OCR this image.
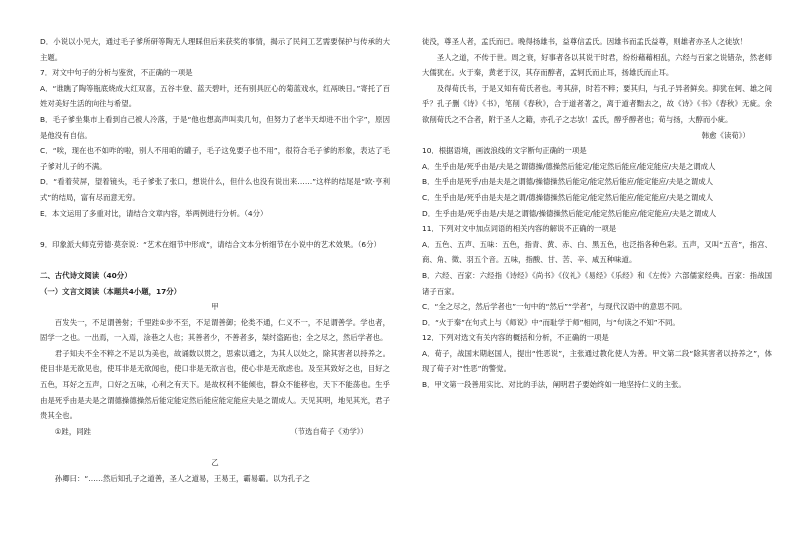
D．小说以小见大，通过毛子爹所研等陶无人理睬但后来获奖的事情，揭示了民间工艺需要保护与传承的大主题。

7．对文中句子的分析与鉴赏，不正确的一项是

A．“谁瞧了陶等瓶底烧成大红双喜，五谷丰登、蓝天碧叶，还有别具匠心的菊蓝戏水，红鬲映日。”寄托了百姓对美好生活的向往与希望。

B．毛子爹坐集市上看到自己被人冷落，于是“他也想高声叫卖几句，但努力了老半天却进不出个字”，原因是他没有自信。

C．“唉，现在也不如咋的啦，别人不用咱的罐子，毛子这免要子也不用”，很符合毛子爹的形象，表达了毛子爹对儿子的不满。

D．“看着荧屏，望着镜头，毛子爹张了张口，想说什么，但什么也没有说出来……”这样的结尾是“欧·亨利式”的结局，富有尽而意无穷。

E．本文运用了多重对比，请结合文章内容，举两例进行分析。（4分）

9．印象派大师克劳德·莫奈说：“艺术在细节中形成”，请结合文本分析细节在小说中的艺术效果。（6分）

二、古代诗文阅读（40分）

（一）文言文阅读（本题共4小题，17分）

甲

百发失一，不足谓善射；千里跬①步不至，不足谓善御；伦类不通，仁义不一，不足谓善学。学也者，固学一之也。一出焉，一入焉，涂巷之人也；其善者少，不善者多，桀纣盗跖也；全之尽之，然后学者也。

君子知夫不全不粹之不足以为美也，故诵数以贯之，思索以通之，为其人以处之，除其害者以持养之。使目非是无欲见也，使耳非是无欲闻也，使口非是无欲言也，使心非是无欲虑也。及至其致好之也，目好之五色，耳好之五声，口好之五味，心利之有天下。是故权利不能倾也，群众不能移也，天下不能荡也。生乎由是死乎由是夫是之谓德操德操然后能定能定然后能应能定能应夫是之谓成人。天见其明，地见其光，君子贵其全也。

①跬，同跬	（节选自荀子《劝学》）

乙

孙卿曰：“……然后知孔子之道善，圣人之道易，王易王，霸易霸。以为孔子之

徒没，尊圣人者，孟氏而已。晚得扬雄书，益尊信孟氏。因雄书而孟氏益尊，则雄者亦圣人之徒欤！

圣人之道，不传于世。周之衰，好事者各以其说干时君，纷纷藉藉相乱，六经与百家之说错杂，然老师大儒犹在。火于秦，黄老于汉，其存而醇者，孟轲氏而止耳，扬雄氏而止耳。

及得荀氏书，于是又知有荀氏者也。考其辞，时若不粹；要其归，与孔子异者鲜矣。抑犹在轲、雄之间乎？孔子删《诗》《书》，笔削《春秋》，合于道者著之，离于道者黜去之，故《诗》《书》《春秋》无疵。余欲削荀氏之不合者，附于圣人之籍，亦孔子之志欤！孟氏，醇乎醇者也；荀与扬，大醇而小疵。

韩愈《读荀》）

10．根据语境，画波浪线的文字断句正确的一项是

A．生乎由是/死乎由是/夫是之谓德操/德操然后能定/能定然后能应/能定能应/夫是之谓成人

B．生乎由是死乎/由是夫是之谓德/操德操然后能定/能定然后能应/能定能应/夫是之谓成人

C．生乎由是/死乎由是夫是之谓/德操德操然后能定/能定然后能应/能定能应/夫是之谓成人

D．生乎由是/死乎由是/夫是之谓德/操德操然后能定/能定然后能应/能定能应/夫是之谓成人

11．下列对文中加点词语的相关内容的解说不正确的一项是

A．五色、五声、五味：五色，指青、黄、赤、白、黑五色，也泛指各种色彩。五声，又叫“五音”，指宫、商、角、徵、羽五个音。五味，指酸、甘、苦、辛、咸五种味道。

B．六经、百家：六经指《诗经》《尚书》《仪礼》《易经》《乐经》和《左传》六部儒家经典。百家：指战国诸子百家。

C．“全之尽之，然后学者也”一句中的“然后”“学者”，与现代汉语中的意思不同。

D．“火于秦”在句式上与《师说》中“而耻学于师”相同，与“句读之不知”不同。

12．下列对选文有关内容的概括和分析，不正确的一项是

A．荀子，战国末期赵国人，提出“性恶说”，主张通过教化使人为善。甲文第二段“除其害者以持养之”，体现了荀子对“性恶”的警觉。

B．甲文第一段善用实比、对比的手法，阐明君子要始终如一地坚持仁义的主张。
